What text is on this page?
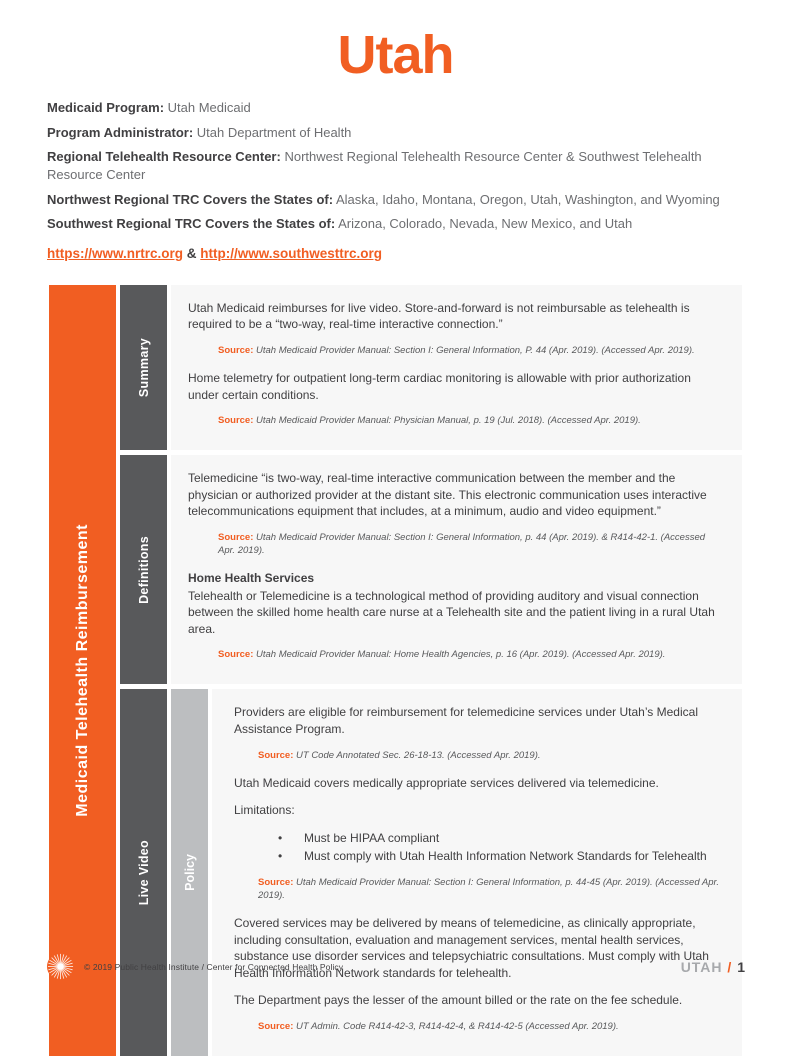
Utah
Medicaid Program: Utah Medicaid
Program Administrator: Utah Department of Health
Regional Telehealth Resource Center: Northwest Regional Telehealth Resource Center & Southwest Telehealth Resource Center
Northwest Regional TRC Covers the States of: Alaska, Idaho, Montana, Oregon, Utah, Washington, and Wyoming
Southwest Regional TRC Covers the States of: Arizona, Colorado, Nevada, New Mexico, and Utah
https://www.nrtrc.org & http://www.southwesttrc.org
Medicaid Telehealth Reimbursement
Summary

Utah Medicaid reimburses for live video. Store-and-forward is not reimbursable as telehealth is required to be a “two-way, real-time interactive connection.”

Source: Utah Medicaid Provider Manual: Section I: General Information, P. 44 (Apr. 2019). (Accessed Apr. 2019).

Home telemetry for outpatient long-term cardiac monitoring is allowable with prior authorization under certain conditions.

Source: Utah Medicaid Provider Manual: Physician Manual, p. 19 (Jul. 2018). (Accessed Apr. 2019).

Definitions

Telemedicine “is two-way, real-time interactive communication between the member and the physician or authorized provider at the distant site. This electronic communication uses interactive telecommunications equipment that includes, at a minimum, audio and video equipment.”

Source: Utah Medicaid Provider Manual: Section I: General Information, p. 44 (Apr. 2019). & R414-42-1. (Accessed Apr. 2019).

Home Health Services

Telehealth or Telemedicine is a technological method of providing auditory and visual connection between the skilled home health care nurse at a Telehealth site and the patient living in a rural Utah area.

Source: Utah Medicaid Provider Manual: Home Health Agencies, p. 16 (Apr. 2019). (Accessed Apr. 2019).

Live Video	Policy

Providers are eligible for reimbursement for telemedicine services under Utah’s Medical Assistance Program.

Source: UT Code Annotated Sec. 26-18-13. (Accessed Apr. 2019).

Utah Medicaid covers medically appropriate services delivered via telemedicine.

Limitations:

• Must be HIPAA compliant
• Must comply with Utah Health Information Network Standards for Telehealth

Source: Utah Medicaid Provider Manual: Section I: General Information, p. 44-45 (Apr. 2019). (Accessed Apr. 2019).

Covered services may be delivered by means of telemedicine, as clinically appropriate, including consultation, evaluation and management services, mental health services, substance use disorder services and telepsychiatric consultations. Must comply with Utah Health Information Network standards for telehealth.

The Department pays the lesser of the amount billed or the rate on the fee schedule.

Source: UT Admin. Code R414-42-3, R414-42-4, & R414-42-5 (Accessed Apr. 2019).

© 2019 Public Health Institute / Center for Connected Health Policy	UTAH / 1
